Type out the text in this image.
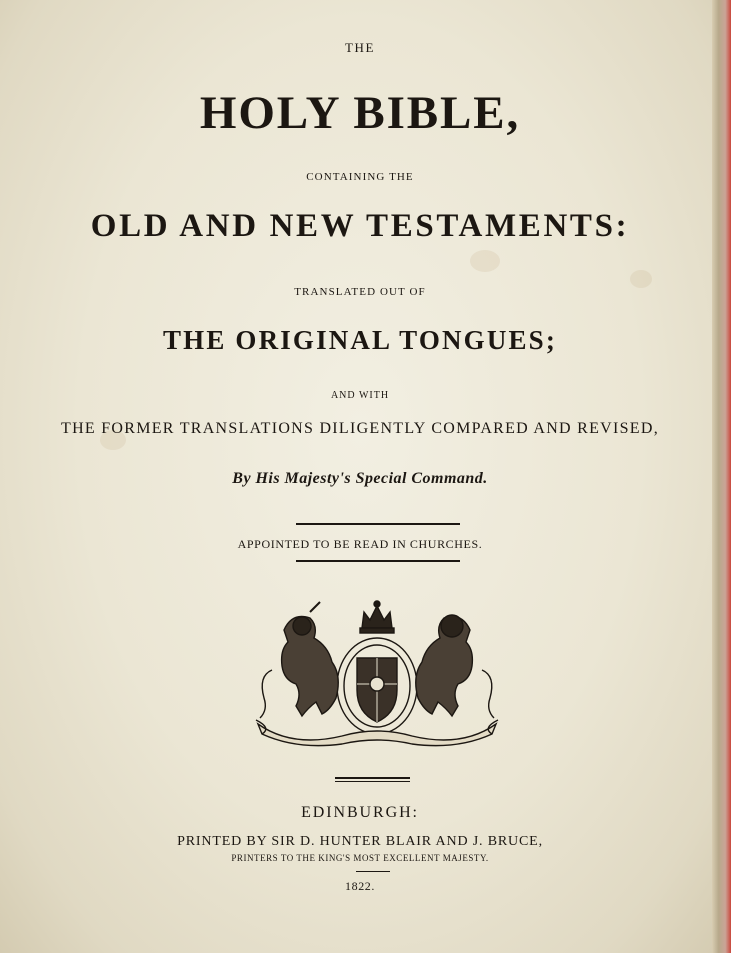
THE
HOLY BIBLE,
CONTAINING THE
OLD AND NEW TESTAMENTS:
TRANSLATED OUT OF
THE ORIGINAL TONGUES;
AND WITH
THE FORMER TRANSLATIONS DILIGENTLY COMPARED AND REVISED,
By His Majesty's Special Command.
APPOINTED TO BE READ IN CHURCHES.
EDINBURGH:
PRINTED BY SIR D. HUNTER BLAIR AND J. BRUCE,
PRINTERS TO THE KING'S MOST EXCELLENT MAJESTY.
1822.
